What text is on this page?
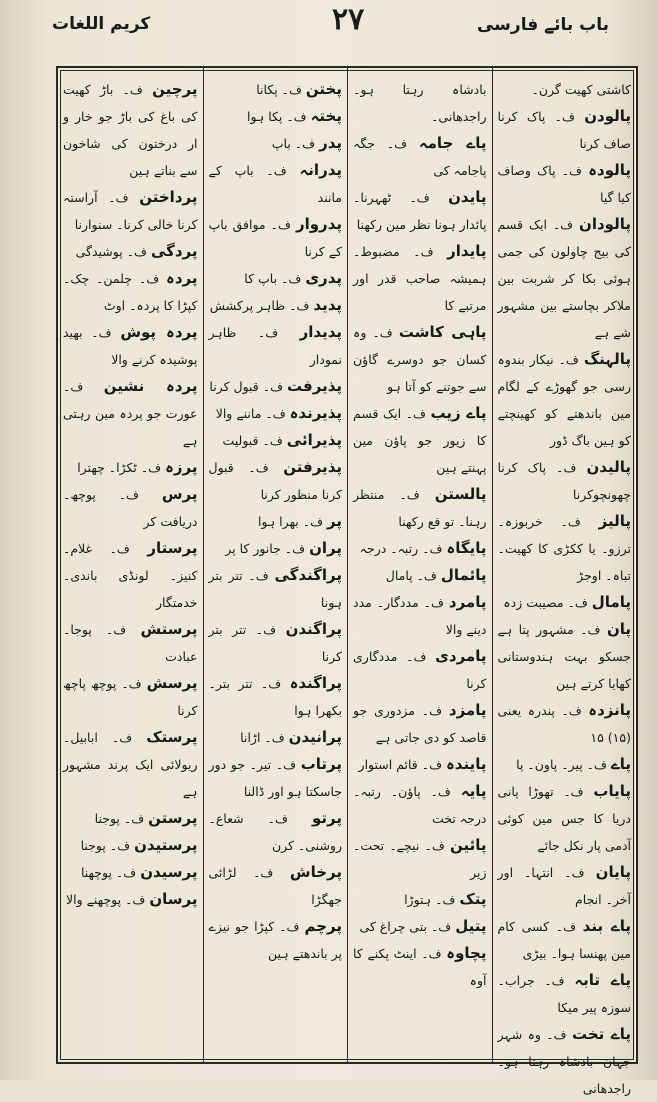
کریم اللغات	۲۷	باب بائے فارسی

کاشتی کھیت گرن۔

پالودن ف۔ پاک کرنا صاف کرنا

پالودہ ف۔ پاک وصاف کیا گیا

پالودان ف۔ ایک قسم کی بیج چاولون کی جمی ہوئی بکا کر شربت بین ملاکر بچاستے بین مشہور شے ہے

پالہنگ ف۔ نیکار بندوہ رسی جو گھوڑے کے لگام مین باندھتے کو کھینچتے کو ہین باگ ڈور

پالیدن ف۔ پاک کرنا چھونچوکرنا

پالیز ف۔ خربوزہ۔ ترزو۔ یا ککڑی کا کھیت۔ تباہ۔ اوجڑ

پامال ف۔ مصیبت زدہ

پان ف۔ مشہور پتا ہے جسکو بہت ہندوستانی کھایا کرتے ہین

پانزدہ ف۔ پندرہ یعنی (۱۵) ۱۵

پاے ف۔ پیر۔ پاون۔ پا

پایاب ف۔ تھوڑا پانی دریا کا جس مین کوئی آدمی پار نکل جائے

پایان ف۔ انتہا۔ اور آخر۔ انجام

پاے بند ف۔ کسی کام مین پھنسا ہوا۔ بیڑی

پاے تابہ ف۔ جراب۔ سوزہ پیر میکا

پاے تخت ف۔ وہ شہر جہان بادشاہ رہتا ہو۔ راجدھانی

بادشاہ رہتا ہو۔ راجدھانی۔

پاے جامہ ف۔ جگہ پاجامہ کی

پایدن ف۔ ٹھہرنا۔ پائدار ہونا نظر مین رکھنا

پایدار ف۔ مضبوط۔ ہمیشہ صاحب قدر اور مرتبے کا

پاہی کاشت ف۔ وہ کسان جو دوسرے گاؤن سے جوتنے کو آتا ہو

پاے زیب ف۔ ایک قسم کا زیور جو پاؤن مین پہنتے ہین

پالستن ف۔ منتظر رہنا۔ تو قع رکھنا

پایگاہ ف۔ رتبہ۔ درجہ

پائمال ف۔ پامال

پامرد ف۔ مددگار۔ مدد دینے والا

پامردی ف۔ مددگاری کرنا

پامزد ف۔ مزدوری جو قاصد کو دی جاتی ہے

پایندہ ف۔ قائم استوار

پایہ ف۔ پاؤن۔ رتبہ۔ درجہ تخت

پائین ف۔ نیچے۔ تحت۔ زیر

پتک ف۔ ہتوڑا

پتیل ف۔ بتی چراغ کی

پچاوہ ف۔ اینٹ پکنے کا آوہ

پختن ف۔ پکانا

پختہ ف۔ پکا ہوا

پدر ف۔ باپ

پدرانہ ف۔ باپ کے مانند

پدروار ف۔ موافق باپ کے کرنا

پدری ف۔ باپ کا

پدید ف۔ ظاہر پرکشش

پدیدار ف۔ ظاہر نمودار

پذیرفت ف۔ قبول کرنا

پذیرندہ ف۔ ماننے والا

پذیرائی ف۔ قبولیت

پذیرفتن ف۔ قبول کرنا منظور کرنا

پر ف۔ بھرا ہوا

پران ف۔ جانور کا پر

پراگندگی ف۔ تتر بتر ہونا

پراگندن ف۔ تتر بتر کرنا

پراگندہ ف۔ تتر بتر۔ بکھرا ہوا

پرانیدن ف۔ اڑانا

پرتاب ف۔ تیر۔ جو دور جاسکتا ہو اور ڈالنا

پرتو ف۔ شعاع۔ روشنی۔ کرن

پرخاش ف۔ لڑائی جھگڑا

پرچم ف۔ کپڑا جو نیزے پر باندھتے ہین

پرچین ف۔ باڑ کھیت کی باغ کی باڑ جو خار و ار درختون کی شاخون سے بناتے ہین

پرداختن ف۔ آراستہ کرنا خالی کرنا۔ سنوارنا

پردگی ف۔ پوشیدگی

پردہ ف۔ چلمن۔ چک۔ کپڑا کا پردہ۔ اوٹ

پردہ پوش ف۔ بھید پوشیدہ کرنے والا

پردہ نشین ف۔ عورت جو پردہ مین رہتی ہے

پرزہ ف۔ ٹکڑا۔ چھترا

پرس ف۔ پوچھ۔ دریافت کر

پرستار ف۔ غلام۔ کنیز۔ لونڈی باندی۔ خدمتگار

پرستش ف۔ پوجا۔ عبادت

پرسش ف۔ پوچھ پاچھ کرنا

پرستک ف۔ ابابیل۔ ریولائی ایک پرند مشہور ہے

پرستن ف۔ پوجنا

پرستیدن ف۔ پوجنا

پرسیدن ف۔ پوچھنا

پرسان ف۔ پوچھنے والا
